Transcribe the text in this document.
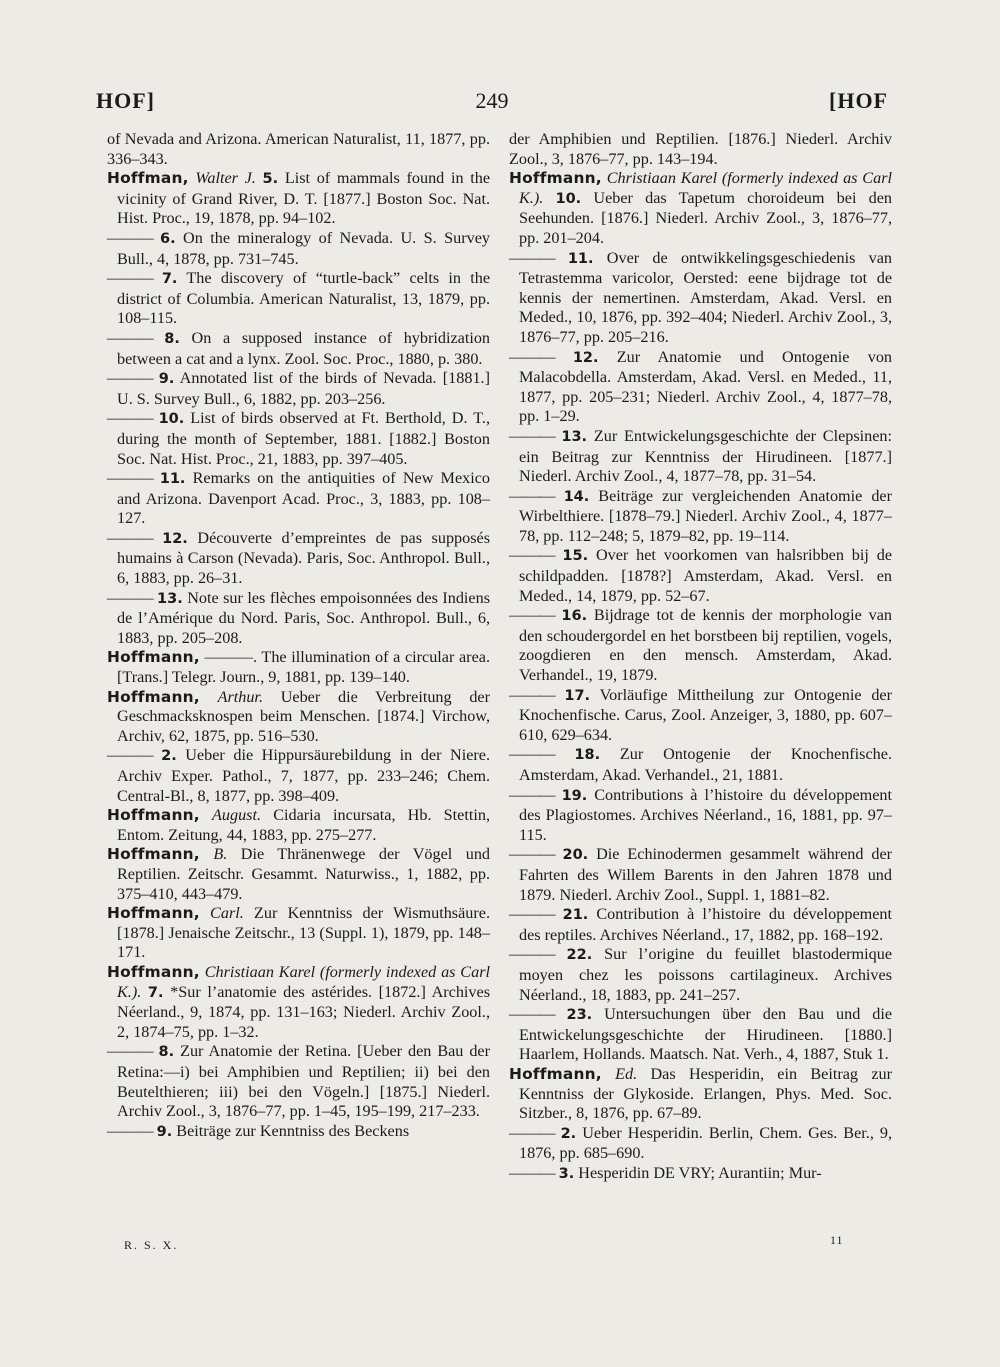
HOF]	249	[HOF

of Nevada and Arizona. American Naturalist, 11, 1877, pp. 336–343.

Hoffman, Walter J. 5. List of mammals found in the vicinity of Grand River, D. T. [1877.] Boston Soc. Nat. Hist. Proc., 19, 1878, pp. 94–102.

——— 6. On the mineralogy of Nevada. U. S. Survey Bull., 4, 1878, pp. 731–745.

——— 7. The discovery of “turtle-back” celts in the district of Columbia. American Naturalist, 13, 1879, pp. 108–115.

——— 8. On a supposed instance of hybridization between a cat and a lynx. Zool. Soc. Proc., 1880, p. 380.

——— 9. Annotated list of the birds of Nevada. [1881.] U. S. Survey Bull., 6, 1882, pp. 203–256.

——— 10. List of birds observed at Ft. Berthold, D. T., during the month of September, 1881. [1882.] Boston Soc. Nat. Hist. Proc., 21, 1883, pp. 397–405.

——— 11. Remarks on the antiquities of New Mexico and Arizona. Davenport Acad. Proc., 3, 1883, pp. 108–127.

——— 12. Découverte d’empreintes de pas supposés humains à Carson (Nevada). Paris, Soc. Anthropol. Bull., 6, 1883, pp. 26–31.

——— 13. Note sur les flèches empoisonnées des Indiens de l’Amérique du Nord. Paris, Soc. Anthropol. Bull., 6, 1883, pp. 205–208.

Hoffmann, ———. The illumination of a circular area. [Trans.] Telegr. Journ., 9, 1881, pp. 139–140.

Hoffmann, Arthur. Ueber die Verbreitung der Geschmacksknospen beim Menschen. [1874.] Virchow, Archiv, 62, 1875, pp. 516–530.

——— 2. Ueber die Hippursäurebildung in der Niere. Archiv Exper. Pathol., 7, 1877, pp. 233–246; Chem. Central-Bl., 8, 1877, pp. 398–409.

Hoffmann, August. Cidaria incursata, Hb. Stettin, Entom. Zeitung, 44, 1883, pp. 275–277.

Hoffmann, B. Die Thränenwege der Vögel und Reptilien. Zeitschr. Gesammt. Naturwiss., 1, 1882, pp. 375–410, 443–479.

Hoffmann, Carl. Zur Kenntniss der Wismuthsäure. [1878.] Jenaische Zeitschr., 13 (Suppl. 1), 1879, pp. 148–171.

Hoffmann, Christiaan Karel (formerly indexed as Carl K.). 7. *Sur l’anatomie des astérides. [1872.] Archives Néerland., 9, 1874, pp. 131–163; Niederl. Archiv Zool., 2, 1874–75, pp. 1–32.

——— 8. Zur Anatomie der Retina. [Ueber den Bau der Retina:—i) bei Amphibien und Reptilien; ii) bei den Beutelthieren; iii) bei den Vögeln.] [1875.] Niederl. Archiv Zool., 3, 1876–77, pp. 1–45, 195–199, 217–233.

——— 9. Beiträge zur Kenntniss des Beckens

der Amphibien und Reptilien. [1876.] Niederl. Archiv Zool., 3, 1876–77, pp. 143–194.

Hoffmann, Christiaan Karel (formerly indexed as Carl K.). 10. Ueber das Tapetum choroideum bei den Seehunden. [1876.] Niederl. Archiv Zool., 3, 1876–77, pp. 201–204.

——— 11. Over de ontwikkelingsgeschiedenis van Tetrastemma varicolor, Oersted: eene bijdrage tot de kennis der nemertinen. Amsterdam, Akad. Versl. en Meded., 10, 1876, pp. 392–404; Niederl. Archiv Zool., 3, 1876–77, pp. 205–216.

——— 12. Zur Anatomie und Ontogenie von Malacobdella. Amsterdam, Akad. Versl. en Meded., 11, 1877, pp. 205–231; Niederl. Archiv Zool., 4, 1877–78, pp. 1–29.

——— 13. Zur Entwickelungsgeschichte der Clepsinen: ein Beitrag zur Kenntniss der Hirudineen. [1877.] Niederl. Archiv Zool., 4, 1877–78, pp. 31–54.

——— 14. Beiträge zur vergleichenden Anatomie der Wirbelthiere. [1878–79.] Niederl. Archiv Zool., 4, 1877–78, pp. 112–248; 5, 1879–82, pp. 19–114.

——— 15. Over het voorkomen van halsribben bij de schildpadden. [1878?] Amsterdam, Akad. Versl. en Meded., 14, 1879, pp. 52–67.

——— 16. Bijdrage tot de kennis der morphologie van den schoudergordel en het borstbeen bij reptilien, vogels, zoogdieren en den mensch. Amsterdam, Akad. Verhandel., 19, 1879.

——— 17. Vorläufige Mittheilung zur Ontogenie der Knochenfische. Carus, Zool. Anzeiger, 3, 1880, pp. 607–610, 629–634.

——— 18. Zur Ontogenie der Knochenfische. Amsterdam, Akad. Verhandel., 21, 1881.

——— 19. Contributions à l’histoire du développement des Plagiostomes. Archives Néerland., 16, 1881, pp. 97–115.

——— 20. Die Echinodermen gesammelt während der Fahrten des Willem Barents in den Jahren 1878 und 1879. Niederl. Archiv Zool., Suppl. 1, 1881–82.

——— 21. Contribution à l’histoire du développement des reptiles. Archives Néerland., 17, 1882, pp. 168–192.

——— 22. Sur l’origine du feuillet blastodermique moyen chez les poissons cartilagineux. Archives Néerland., 18, 1883, pp. 241–257.

——— 23. Untersuchungen über den Bau und die Entwickelungsgeschichte der Hirudineen. [1880.] Haarlem, Hollands. Maatsch. Nat. Verh., 4, 1887, Stuk 1.

Hoffmann, Ed. Das Hesperidin, ein Beitrag zur Kenntniss der Glykoside. Erlangen, Phys. Med. Soc. Sitzber., 8, 1876, pp. 67–89.

——— 2. Ueber Hesperidin. Berlin, Chem. Ges. Ber., 9, 1876, pp. 685–690.

——— 3. Hesperidin DE VRY; Aurantiin; Mur-

R. S. X.	11
